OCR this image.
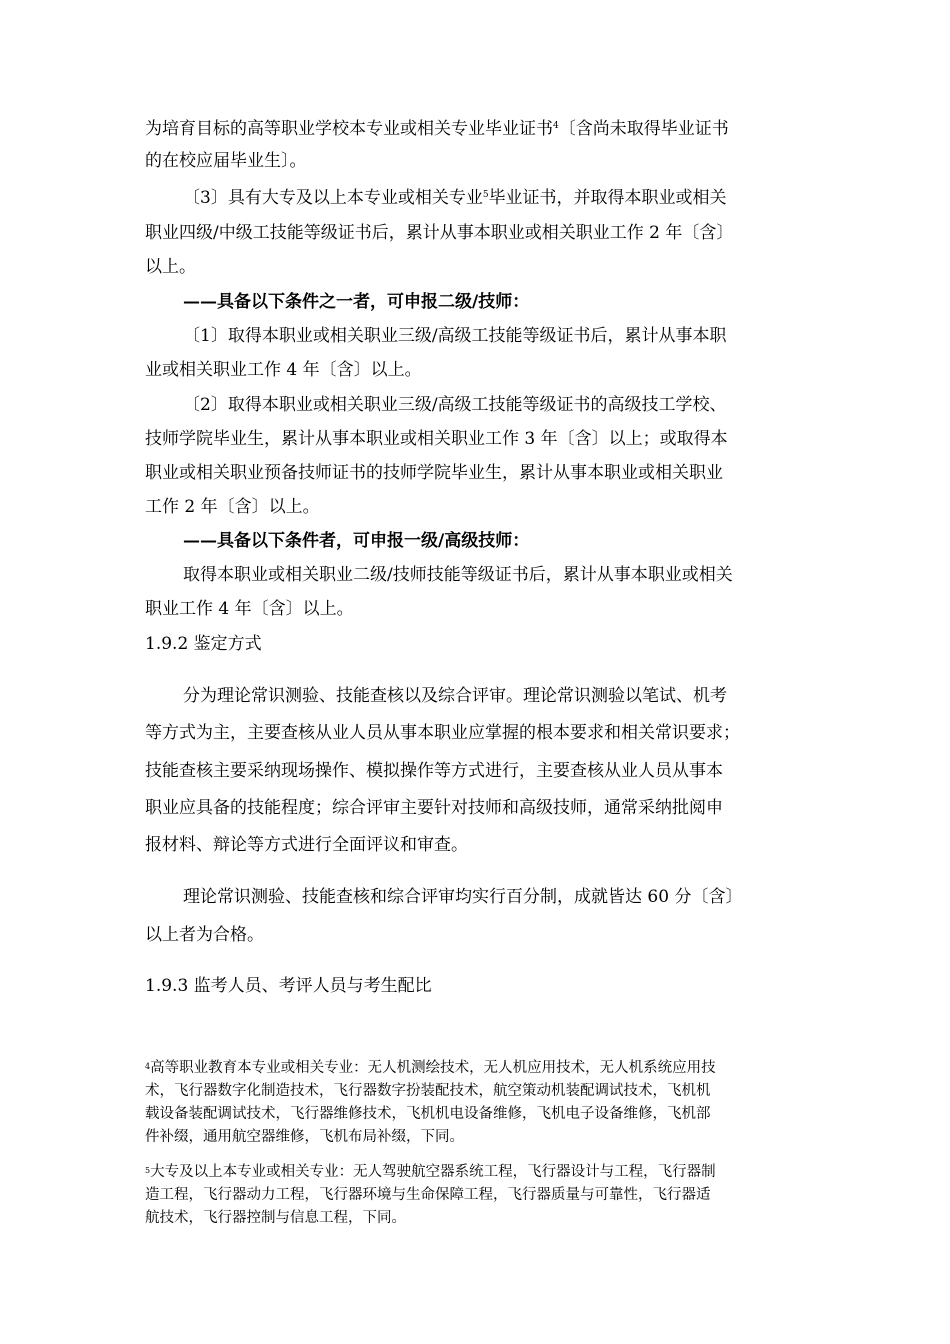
为培育目标的高等职业学校本专业或相关专业毕业证书$^4$〔含尚未取得毕业证书
的在校应届毕业生〕。
〔3〕具有大专及以上本专业或相关专业$^5$毕业证书，并取得本职业或相关
职业四级/中级工技能等级证书后，累计从事本职业或相关职业工作 2 年〔含〕
以上。
——具备以下条件之一者，可申报二级/技师：
〔1〕取得本职业或相关职业三级/高级工技能等级证书后，累计从事本职
业或相关职业工作 4 年〔含〕以上。
〔2〕取得本职业或相关职业三级/高级工技能等级证书的高级技工学校、
技师学院毕业生，累计从事本职业或相关职业工作 3 年〔含〕以上；或取得本
职业或相关职业预备技师证书的技师学院毕业生，累计从事本职业或相关职业
工作 2 年〔含〕以上。
——具备以下条件者，可申报一级/高级技师：
取得本职业或相关职业二级/技师技能等级证书后，累计从事本职业或相关
职业工作 4 年〔含〕以上。
1.9.2 鉴定方式
分为理论常识测验、技能查核以及综合评审。理论常识测验以笔试、机考
等方式为主，主要查核从业人员从事本职业应掌握的根本要求和相关常识要求；
技能查核主要采纳现场操作、模拟操作等方式进行，主要查核从业人员从事本
职业应具备的技能程度；综合评审主要针对技师和高级技师，通常采纳批阅申
报材料、辩论等方式进行全面评议和审查。
理论常识测验、技能查核和综合评审均实行百分制，成就皆达 60 分〔含〕
以上者为合格。
1.9.3 监考人员、考评人员与考生配比
$^4$高等职业教育本专业或相关专业：无人机测绘技术，无人机应用技术，无人机系统应用技
术，飞行器数字化制造技术，飞行器数字扮装配技术，航空策动机装配调试技术，飞机机
载设备装配调试技术，飞行器维修技术，飞机机电设备维修，飞机电子设备维修，飞机部
件补缀，通用航空器维修，飞机布局补缀，下同。
$^5$大专及以上本专业或相关专业：无人驾驶航空器系统工程，飞行器设计与工程，飞行器制
造工程，飞行器动力工程，飞行器环境与生命保障工程，飞行器质量与可靠性，飞行器适
航技术，飞行器控制与信息工程，下同。
